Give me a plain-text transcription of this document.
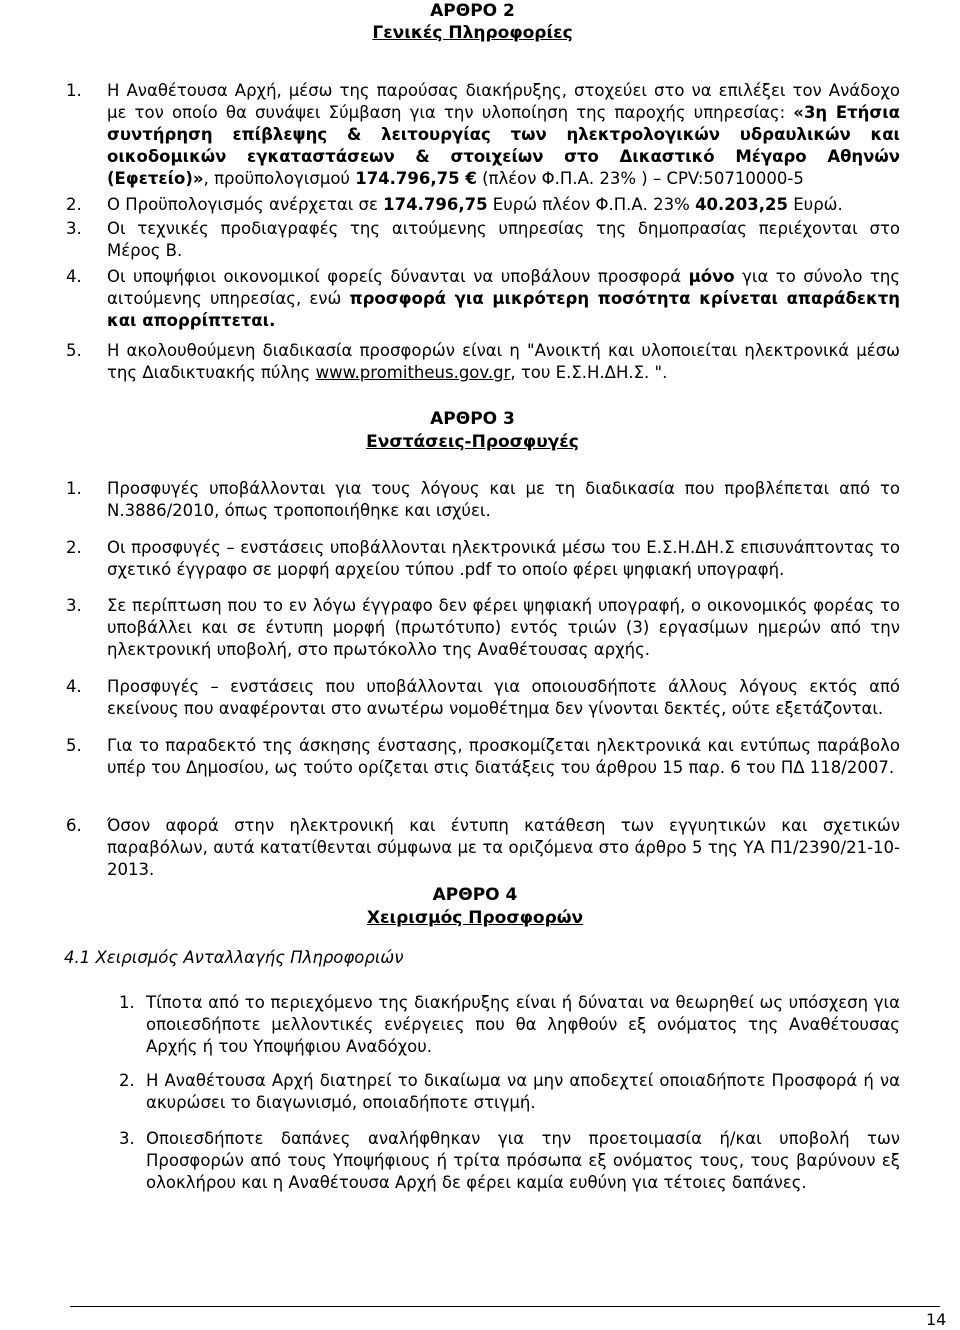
ΑΡΘΡΟ 2
Γενικές Πληροφορίες
1. Η Αναθέτουσα Αρχή, μέσω της παρούσας διακήρυξης, στοχεύει στο να επιλέξει τον Ανάδοχο με τον οποίο θα συνάψει Σύμβαση για την υλοποίηση της παροχής υπηρεσίας: «3η Ετήσια συντήρηση επίβλεψης & λειτουργίας των ηλεκτρολογικών υδραυλικών και οικοδομικών εγκαταστάσεων & στοιχείων στο Δικαστικό Μέγαρο Αθηνών (Εφετείο)», προϋπολογισμού 174.796,75 € (πλέον Φ.Π.Α. 23% ) – CPV:50710000-5

2. Ο Προϋπολογισμός ανέρχεται σε 174.796,75 Ευρώ πλέον Φ.Π.Α. 23% 40.203,25 Ευρώ.

3. Οι τεχνικές προδιαγραφές της αιτούμενης υπηρεσίας της δημοπρασίας περιέχονται στο Μέρος Β.

4. Οι υποψήφιοι οικονομικοί φορείς δύνανται να υποβάλουν προσφορά μόνο για το σύνολο της αιτούμενης υπηρεσίας, ενώ προσφορά για μικρότερη ποσότητα κρίνεται απαράδεκτη και απορρίπτεται.

5. Η ακολουθούμενη διαδικασία προσφορών είναι η "Ανοικτή και υλοποιείται ηλεκτρονικά μέσω της Διαδικτυακής πύλης www.promitheus.gov.gr, του Ε.Σ.Η.ΔΗ.Σ. ".

ΑΡΘΡΟ 3
Ενστάσεις-Προσφυγές
1. Προσφυγές υποβάλλονται για τους λόγους και με τη διαδικασία που προβλέπεται από το Ν.3886/2010, όπως τροποποιήθηκε και ισχύει.

2. Οι προσφυγές – ενστάσεις υποβάλλονται ηλεκτρονικά μέσω του Ε.Σ.Η.ΔΗ.Σ επισυνάπτοντας το σχετικό έγγραφο σε μορφή αρχείου τύπου .pdf το οποίο φέρει ψηφιακή υπογραφή.

3. Σε περίπτωση που το εν λόγω έγγραφο δεν φέρει ψηφιακή υπογραφή, ο οικονομικός φορέας το υποβάλλει και σε έντυπη μορφή (πρωτότυπο) εντός τριών (3) εργασίμων ημερών από την ηλεκτρονική υποβολή, στο πρωτόκολλο της Αναθέτουσας αρχής.

4. Προσφυγές – ενστάσεις που υποβάλλονται για οποιουσδήποτε άλλους λόγους εκτός από εκείνους που αναφέρονται στο ανωτέρω νομοθέτημα δεν γίνονται δεκτές, ούτε εξετάζονται.

5. Για το παραδεκτό της άσκησης ένστασης, προσκομίζεται ηλεκτρονικά και εντύπως παράβολο υπέρ του Δημοσίου, ως τούτο ορίζεται στις διατάξεις του άρθρου 15 παρ. 6 του ΠΔ 118/2007.

6. Όσον αφορά στην ηλεκτρονική και έντυπη κατάθεση των εγγυητικών και σχετικών παραβόλων, αυτά κατατίθενται σύμφωνα με τα οριζόμενα στο άρθρο 5 της ΥΑ Π1/2390/21-10-2013.

ΑΡΘΡΟ 4
Χειρισμός Προσφορών
4.1 Χειρισμός Ανταλλαγής Πληροφοριών
1. Τίποτα από το περιεχόμενο της διακήρυξης είναι ή δύναται να θεωρηθεί ως υπόσχεση για οποιεσδήποτε μελλοντικές ενέργειες που θα ληφθούν εξ ονόματος της Αναθέτουσας Αρχής ή του Υποψήφιου Αναδόχου.

2. Η Αναθέτουσα Αρχή διατηρεί το δικαίωμα να μην αποδεχτεί οποιαδήποτε Προσφορά ή να ακυρώσει το διαγωνισμό, οποιαδήποτε στιγμή.

3. Οποιεσδήποτε δαπάνες αναλήφθηκαν για την προετοιμασία ή/και υποβολή των Προσφορών από τους Υποψήφιους ή τρίτα πρόσωπα εξ ονόματος τους, τους βαρύνουν εξ ολοκλήρου και η Αναθέτουσα Αρχή δε φέρει καμία ευθύνη για τέτοιες δαπάνες.

14
